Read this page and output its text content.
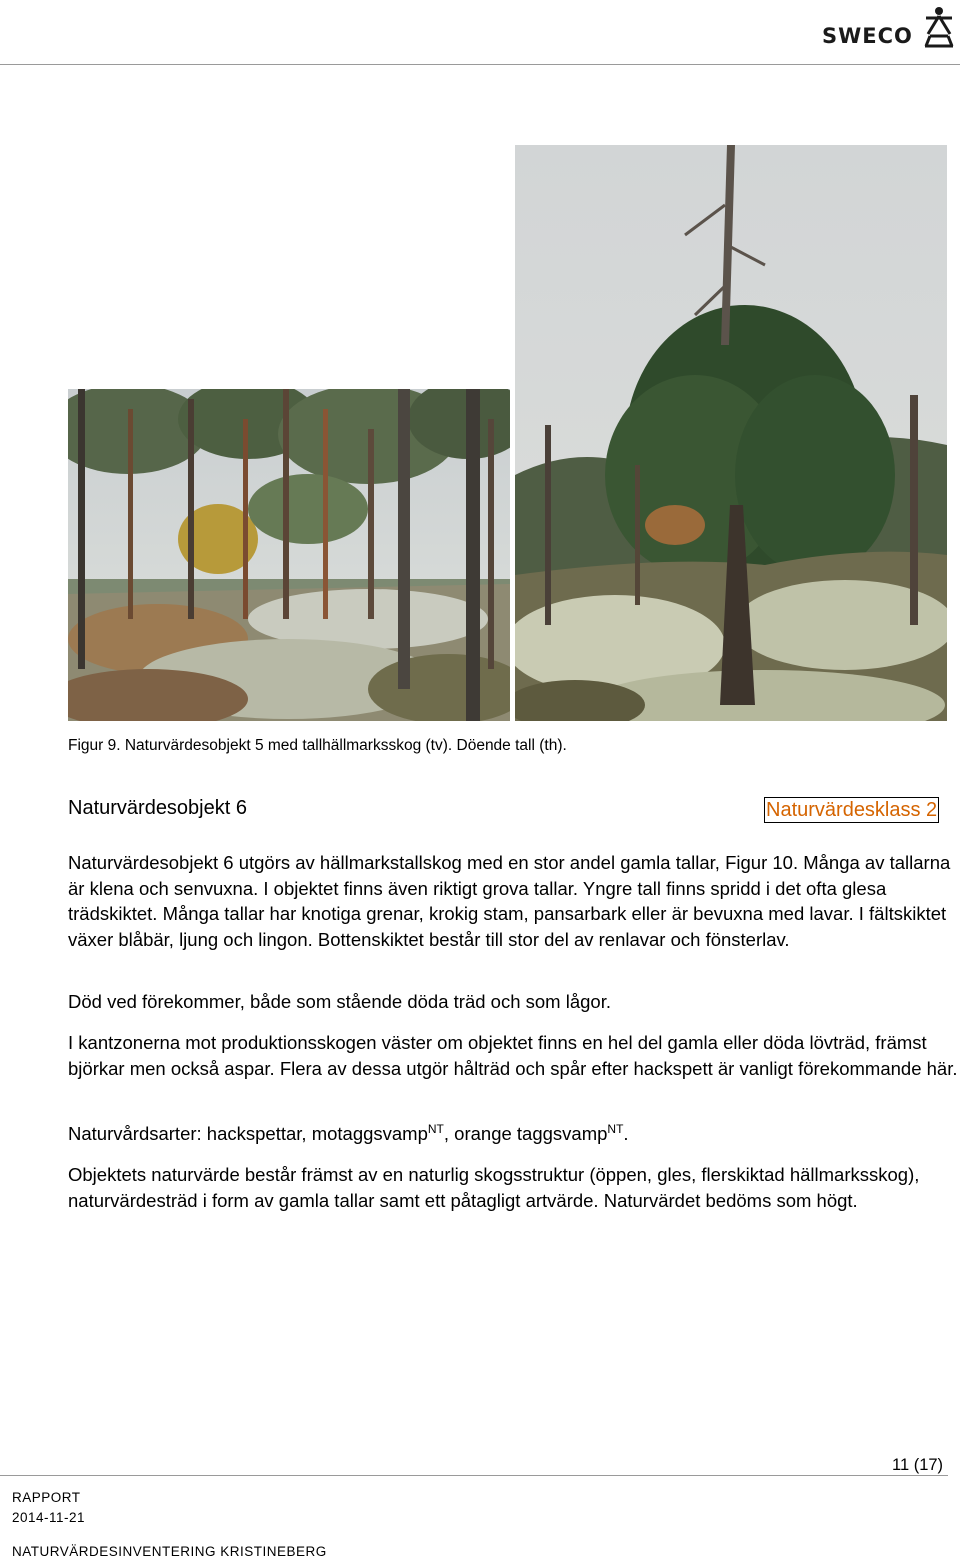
SWECO
Figur 9. Naturvärdesobjekt 5 med tallhällmarksskog (tv). Döende tall (th).
Naturvärdesobjekt 6	Naturvärdesklass 2

Naturvärdesobjekt 6 utgörs av hällmarkstallskog med en stor andel gamla tallar, Figur 10. Många av tallarna är klena och senvuxna. I objektet finns även riktigt grova tallar. Yngre tall finns spridd i det ofta glesa trädskiktet. Många tallar har knotiga grenar, krokig stam, pansarbark eller är bevuxna med lavar. I fältskiktet växer blåbär, ljung och lingon. Bottenskiktet består till stor del av renlavar och fönsterlav.

Död ved förekommer, både som stående döda träd och som lågor.

I kantzonerna mot produktionsskogen väster om objektet finns en hel del gamla eller döda lövträd, främst björkar men också aspar. Flera av dessa utgör hålträd och spår efter hackspett är vanligt förekommande här.

Naturvårdsarter: hackspettar, motaggsvamp$^{NT}$, orange taggsvamp$^{NT}$.

Objektets naturvärde består främst av en naturlig skogsstruktur (öppen, gles, flerskiktad hällmarksskog), naturvärdesträd i form av gamla tallar samt ett påtagligt artvärde. Naturvärdet bedöms som högt.

11 (17)
RAPPORT
2014-11-21
NATURVÄRDESINVENTERING KRISTINEBERG
